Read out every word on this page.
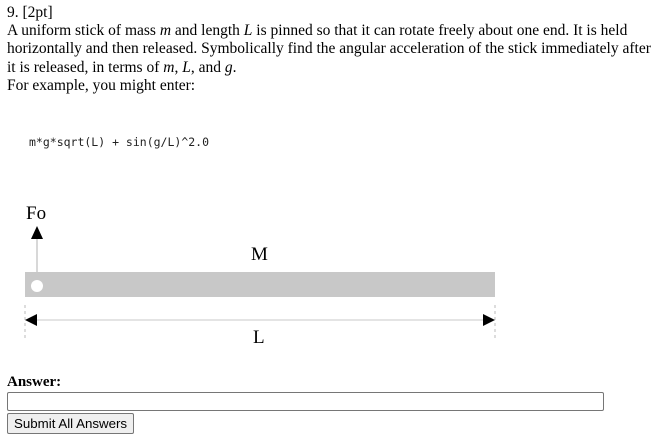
9. [2pt]

A uniform stick of mass m and length L is pinned so that it can rotate freely about one end. It is held horizontally and then released. Symbolically find the angular acceleration of the stick immediately after it is released, in terms of m, L, and g.

For example, you might enter:

m*g*sqrt(L) + sin(g/L)^2.0
Fo
M
L
Answer:
Submit All Answers
